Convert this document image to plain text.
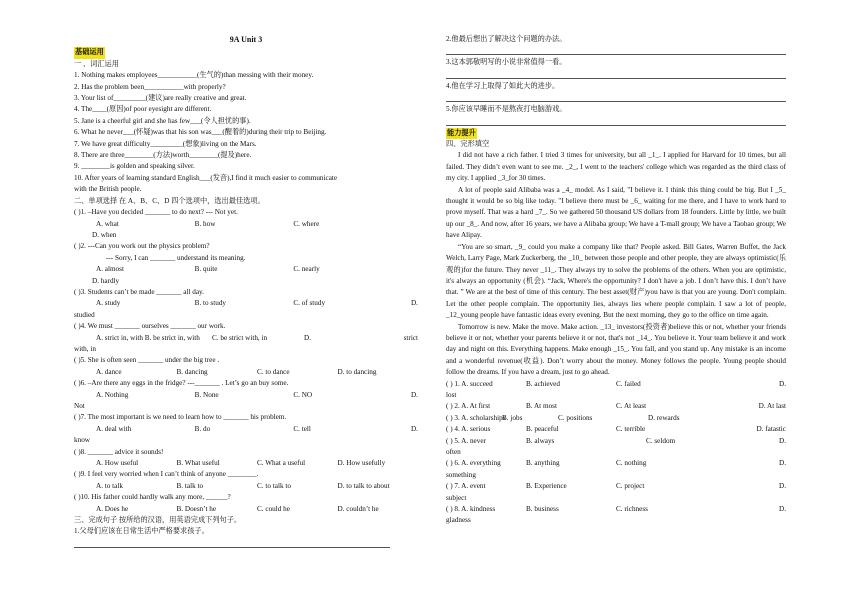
9A Unit 3
基础运用
一 、词汇运用
1. Nothing makes employees___________(生气的)than messing with their money.
2. Has the problem been___________with properly?
3. Your list of_________(建议)are really creative and great.
4. The____(原因)of poor eyesight are different.
5. Jane is a cheerful girl and she has few___(令人担忧的事).
6. What he never___(怀疑)was that his son was___(醒着的)during their trip to Beijing.
7. We have great difficulty_________(想象)living on the Mars.
8. There are three________(方法)worth________(提及)here.
9. ________is golden and speaking silver.
10. After years of learning standard English___(发音),I find it much easier to communicate
with the British people.
二、单项选择 在 A、B、C、D 四个选项中，选出最佳选项。
( )1. –Have you decided _______ to do next? --- Not yet.
A. what	B. how	C. where
D. when
( )2. ---Can you work out the physics problem?
--- Sorry, I can _______ understand its meaning.
A. almost	B. quite	C. nearly
D. hardly
( )3. Students can’t be made _______ all day.
A. study	B. to study	C. of study	D.
studied
( )4. We must _______ ourselves _______ our work.
A. strict in, with B. be strict in, with	C. be strict with, in	D.	strict
with, in
( )5. She is often seen _______ under the big tree .
A. dance	B. dancing	C. to dance	D. to dancing
( )6. –Are there any eggs in the fridge? ---_______ . Let’s go an buy some.
A. Nothing	B. None	C. NO	D.
Not
( )7. The most important is we need to learn how to _______ his problem.
A. deal with	B. do	C. tell	D.
know
( )8. _______ advice it sounds!
A. How useful	B. What useful	C. What a useful	D. How usefully
( )9. I feel very worried when I can’t think of anyone ________.
A. to talk	B. talk to	C. to talk to	D. to talk to about
( )10. His father could hardly walk any more, ______?
A. Does he	B. Doesn’t he	C. could he	D. couldn’t he
三、完成句子 按所给的汉语，用英语完成下列句子。
1.父母们应该在日常生活中严格要求孩子。
2.他最后想出了解决这个问题的办法。
3.这本郭敬明写的小说非常值得一看。
4.他在学习上取得了如此大的进步。
5.你应该早睡而不是熬夜打电脑游戏。
能力提升
四、完形填空
I did not have a rich father. I tried 3 times for university, but all _1_. I applied for Harvard for 10 times, but all failed. They didn’t even want to see me. _2_, I went to the teachers' college which was regarded as the third class of my city. I applied _3_for 30 times.
A lot of people said Alibaba was a _4_ model. As I said, "I believe it. I think this thing could be big. But I _5_ thought it would be so big like today. "I believe there must be _6_ waiting for me there, and I have to work hard to prove myself. That was a hard _7_. So we gathered 50 thousand US dollars from 18 founders. Little by little, we built up our _8_. And now, after 16 years, we have a Alibaba group; We have a T-mall group; We have a Taobao group; We have Alipay.
“You are so smart, _9_ could you make a company like that? People asked. Bill Gates, Warren Buffet, the Jack Welch, Larry Page, Mark Zuckerberg, the _10_ between those people and other people, they are always optimistic(乐观的)for the future. They never _11_. They always try to solve the problems of the others. When you are optimistic, it's always an opportunity (机会). “Jack, Where's the opportunity? I don't have a job. I don’t have this. I don’t have that. ” We are at the best of time of this century. The best asset(财产)you have is that you are young. Don't complain. Let the other people complain. The opportunity lies, always lies where people complain. I saw a lot of people, _12_young people have fantastic ideas every evening. But the next morning, they go to the office on time again.
Tomorrow is new. Make the move. Make action. _13_ investors(投资者)believe this or not, whether your friends believe it or not, whether your parents believe it or not, that's not _14_. You believe it. Your team believe it and work day and night on this. Everything happens. Make enough _15_. You fall, and you stand up. Any mistake is an income and a wonderful revenue(收益). Don’t worry about the money. Money follows the people. Young people should follow the dreams. If you have a dream, just to go ahead.
( ) 1. A. succeed	B. achieved	C. failed	D.
lost
( ) 2. A. At first	B. At most	C. At least	D. At last
( ) 3. A. scholarships
B. jobs	C. positions	D. rewards
( ) 4. A. serious	B. peaceful	C. terrible	D. fatastic
( ) 5. A. never	B. always	C. seldom	D.
often
( ) 6. A. everything	B. anything	C. nothing	D.
something
( ) 7. A. event	B. Experience	C. project	D.
subject
( ) 8. A. kindness	B. business	C. richness	D.
gladness
